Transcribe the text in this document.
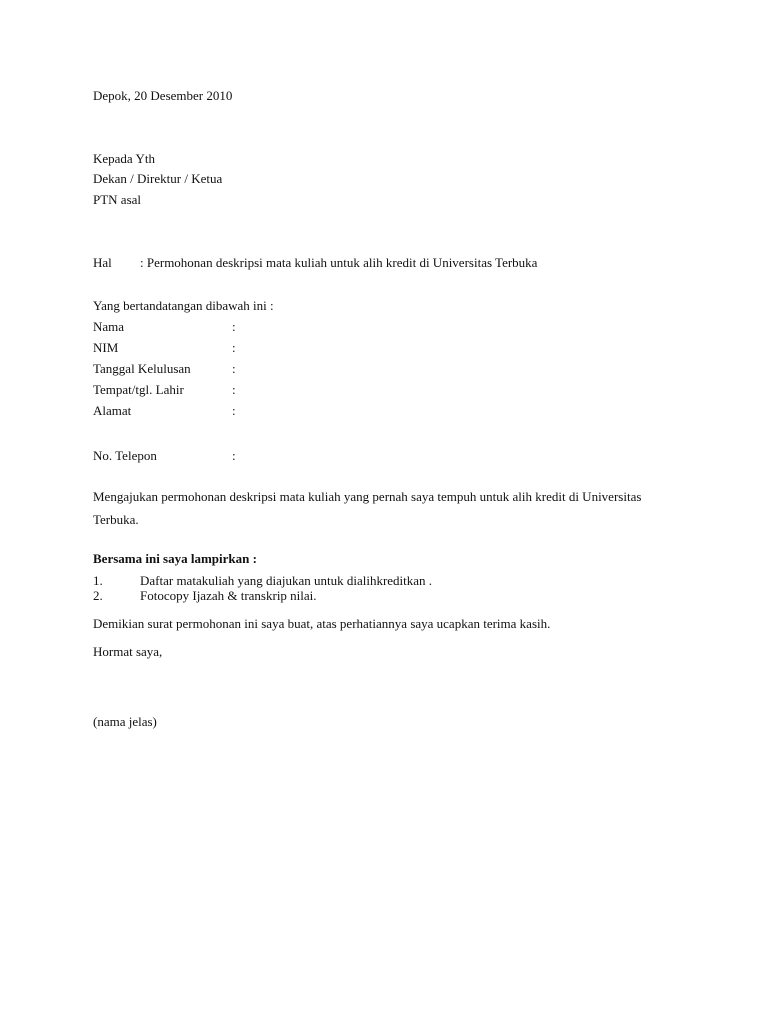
Depok, 20 Desember 2010
Kepada Yth
Dekan / Direktur / Ketua
PTN asal
Hal : Permohonan deskripsi mata kuliah untuk alih kredit di Universitas Terbuka
Yang bertandatangan dibawah ini :
Nama	:
NIM	:
Tanggal Kelulusan	:
Tempat/tgl. Lahir	:
Alamat	:
No. Telepon	:
Mengajukan permohonan deskripsi mata kuliah yang pernah saya tempuh untuk alih kredit di Universitas
Terbuka.
Bersama ini saya lampirkan :
1.	Daftar matakuliah yang diajukan untuk dialihkreditkan .
2.	Fotocopy Ijazah & transkrip nilai.
Demikian surat permohonan ini saya buat, atas perhatiannya saya ucapkan terima kasih.
Hormat saya,
(nama jelas)
